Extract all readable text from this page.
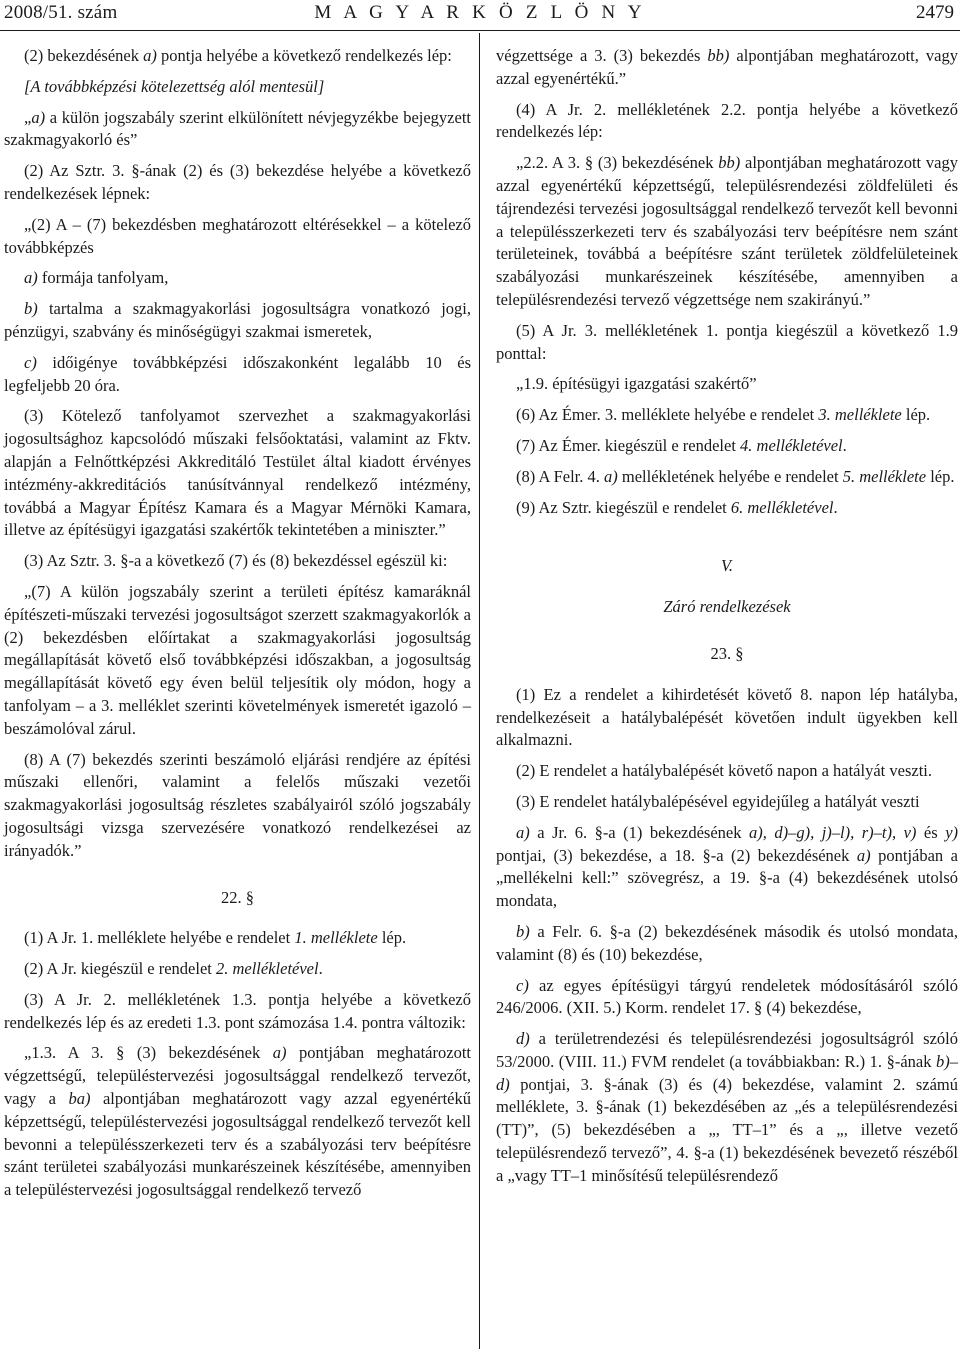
2008/51. szám	M A G Y A R K Ö Z L Ö N Y	2479

(2) bekezdésének a) pontja helyébe a következő rendelkezés lép:

[A továbbképzési kötelezettség alól mentesül]

„a) a külön jogszabály szerint elkülönített névjegyzékbe bejegyzett szakmagyakorló és”

(2) Az Sztr. 3. §-ának (2) és (3) bekezdése helyébe a következő rendelkezések lépnek:

„(2) A – (7) bekezdésben meghatározott eltérésekkel – a kötelező továbbképzés

a) formája tanfolyam,

b) tartalma a szakmagyakorlási jogosultságra vonatkozó jogi, pénzügyi, szabvány és minőségügyi szakmai ismeretek,

c) időigénye továbbképzési időszakonként legalább 10 és legfeljebb 20 óra.

(3) Kötelező tanfolyamot szervezhet a szakmagyakorlási jogosultsághoz kapcsolódó műszaki felsőoktatási, valamint az Fktv. alapján a Felnőttképzési Akkreditáló Testület által kiadott érvényes intézmény-akkreditációs tanúsítvánnyal rendelkező intézmény, továbbá a Magyar Építész Kamara és a Magyar Mérnöki Kamara, illetve az építésügyi igazgatási szakértők tekintetében a miniszter.”

(3) Az Sztr. 3. §-a a következő (7) és (8) bekezdéssel egészül ki:

„(7) A külön jogszabály szerint a területi építész kamaráknál építészeti-műszaki tervezési jogosultságot szerzett szakmagyakorlók a (2) bekezdésben előírtakat a szakmagyakorlási jogosultság megállapítását követő első továbbképzési időszakban, a jogosultság megállapítását követő egy éven belül teljesítik oly módon, hogy a tanfolyam – a 3. melléklet szerinti követelmények ismeretét igazoló – beszámolóval zárul.

(8) A (7) bekezdés szerinti beszámoló eljárási rendjére az építési műszaki ellenőri, valamint a felelős műszaki vezetői szakmagyakorlási jogosultság részletes szabályairól szóló jogszabály jogosultsági vizsga szervezésére vonatkozó rendelkezései az irányadók.”

22. §

(1) A Jr. 1. melléklete helyébe e rendelet 1. melléklete lép.

(2) A Jr. kiegészül e rendelet 2. mellékletével.

(3) A Jr. 2. mellékletének 1.3. pontja helyébe a következő rendelkezés lép és az eredeti 1.3. pont számozása 1.4. pontra változik:

„1.3. A 3. § (3) bekezdésének a) pontjában meghatározott végzettségű, településtervezési jogosultsággal rendelkező tervezőt, vagy a ba) alpontjában meghatározott vagy azzal egyenértékű képzettségű, településtervezési jogosultsággal rendelkező tervezőt kell bevonni a településszerkezeti terv és a szabályozási terv beépítésre szánt területei szabályozási munkarészeinek készítésébe, amennyiben a településtervezési jogosultsággal rendelkező tervező

végzettsége a 3. (3) bekezdés bb) alpontjában meghatározott, vagy azzal egyenértékű.”

(4) A Jr. 2. mellékletének 2.2. pontja helyébe a következő rendelkezés lép:

„2.2. A 3. § (3) bekezdésének bb) alpontjában meghatározott vagy azzal egyenértékű képzettségű, településrendezési zöldfelületi és tájrendezési tervezési jogosultsággal rendelkező tervezőt kell bevonni a településszerkezeti terv és szabályozási terv beépítésre nem szánt területeinek, továbbá a beépítésre szánt területek zöldfelületeinek szabályozási munkarészeinek készítésébe, amennyiben a településrendezési tervező végzettsége nem szakirányú.”

(5) A Jr. 3. mellékletének 1. pontja kiegészül a következő 1.9 ponttal:

„1.9. építésügyi igazgatási szakértő”

(6) Az Émer. 3. melléklete helyébe e rendelet 3. melléklete lép.

(7) Az Émer. kiegészül e rendelet 4. mellékletével.

(8) A Felr. 4. a) mellékletének helyébe e rendelet 5. melléklete lép.

(9) Az Sztr. kiegészül e rendelet 6. mellékletével.

V.
Záró rendelkezések
23. §

(1) Ez a rendelet a kihirdetését követő 8. napon lép hatályba, rendelkezéseit a hatálybalépését követően indult ügyekben kell alkalmazni.

(2) E rendelet a hatálybalépését követő napon a hatályát veszti.

(3) E rendelet hatálybalépésével egyidejűleg a hatályát veszti

a) a Jr. 6. §-a (1) bekezdésének a), d)–g), j)–l), r)–t), v) és y) pontjai, (3) bekezdése, a 18. §-a (2) bekezdésének a) pontjában a „mellékelni kell:” szövegrész, a 19. §-a (4) bekezdésének utolsó mondata,

b) a Felr. 6. §-a (2) bekezdésének második és utolsó mondata, valamint (8) és (10) bekezdése,

c) az egyes építésügyi tárgyú rendeletek módosításáról szóló 246/2006. (XII. 5.) Korm. rendelet 17. § (4) bekezdése,

d) a területrendezési és településrendezési jogosultságról szóló 53/2000. (VIII. 11.) FVM rendelet (a továbbiakban: R.) 1. §-ának b)–d) pontjai, 3. §-ának (3) és (4) bekezdése, valamint 2. számú melléklete, 3. §-ának (1) bekezdésében az „és a településrendezési (TT)”, (5) bekezdésében a „, TT–1” és a „, illetve vezető településrendező tervező”, 4. §-a (1) bekezdésének bevezető részéből a „vagy TT–1 minősítésű településrendező
